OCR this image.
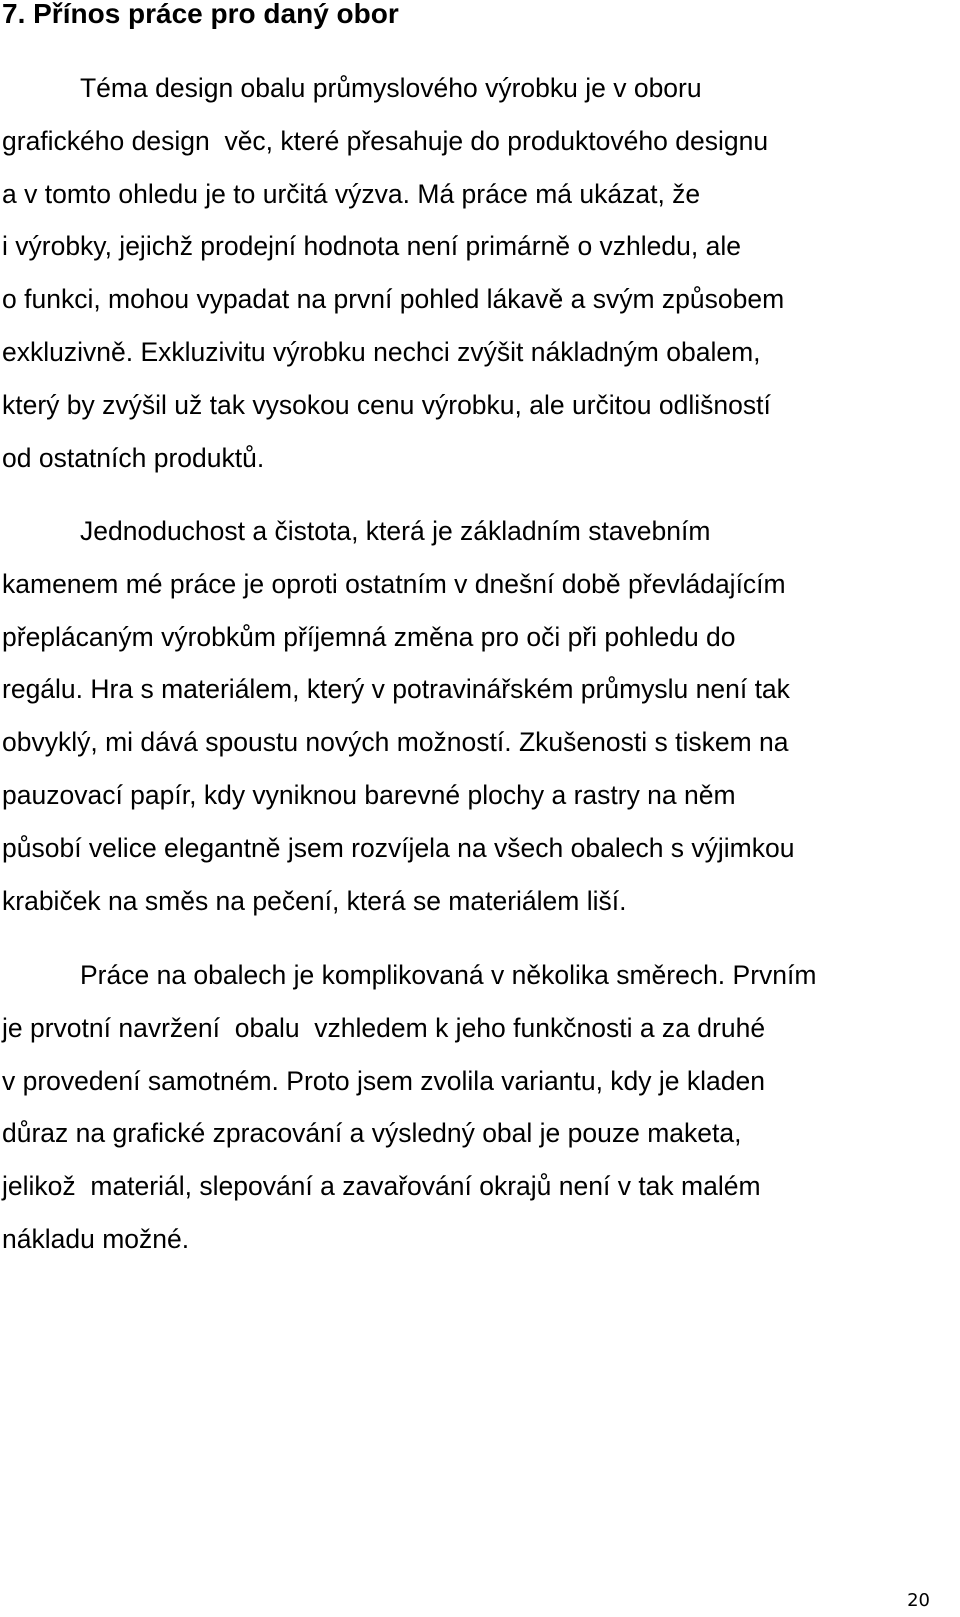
7. Přínos práce pro daný obor
Téma design obalu průmyslového výrobku je v oboru
grafického design  věc, které přesahuje do produktového designu
a v tomto ohledu je to určitá výzva. Má práce má ukázat, že
i výrobky, jejichž prodejní hodnota není primárně o vzhledu, ale
o funkci, mohou vypadat na první pohled lákavě a svým způsobem
exkluzivně. Exkluzivitu výrobku nechci zvýšit nákladným obalem,
který by zvýšil už tak vysokou cenu výrobku, ale určitou odlišností
od ostatních produktů.
Jednoduchost a čistota, která je základním stavebním
kamenem mé práce je oproti ostatním v dnešní době převládajícím
přeplácaným výrobkům příjemná změna pro oči při pohledu do
regálu. Hra s materiálem, který v potravinářském průmyslu není tak
obvyklý, mi dává spoustu nových možností. Zkušenosti s tiskem na
pauzovací papír, kdy vyniknou barevné plochy a rastry na něm
působí velice elegantně jsem rozvíjela na všech obalech s výjimkou
krabiček na směs na pečení, která se materiálem liší.
Práce na obalech je komplikovaná v několika směrech. Prvním
je prvotní navržení  obalu  vzhledem k jeho funkčnosti a za druhé
v provedení samotném. Proto jsem zvolila variantu, kdy je kladen
důraz na grafické zpracování a výsledný obal je pouze maketa,
jelikož  materiál, slepování a zavařování okrajů není v tak malém
nákladu možné.
20
